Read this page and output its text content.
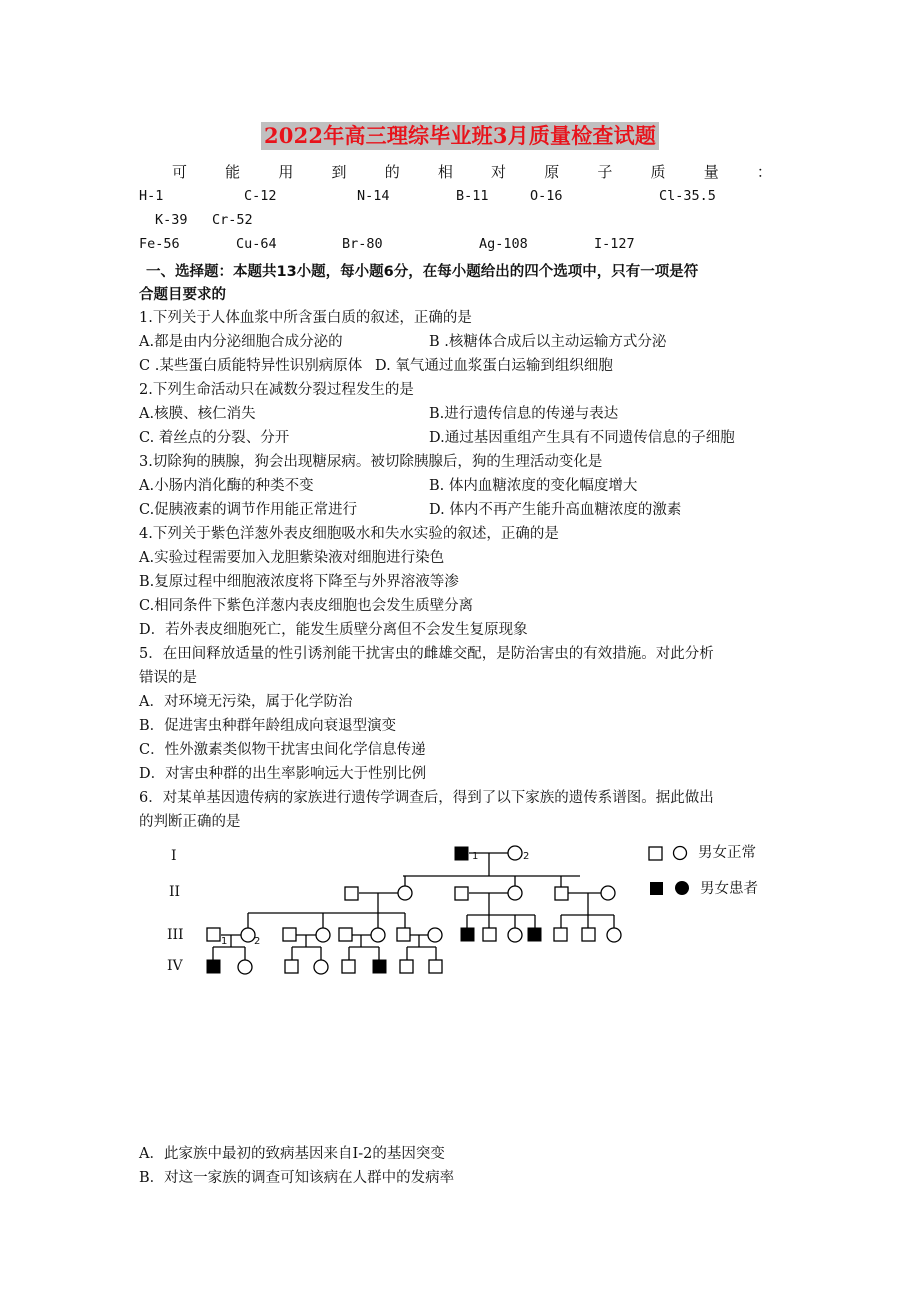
2022年高三理综毕业班3月质量检查试题
可	能	用	到	的	相	对	原	子	质	量	：
H-1	C-12	N-14	B-11	O-16	Cl-35.5
K-39 Cr-52
Fe-56	Cu-64	Br-80	Ag-108	I-127
一、选择题：本题共13小题，每小题6分，在每小题给出的四个选项中，只有一项是符
合题目要求的
1.下列关于人体血浆中所含蛋白质的叙述，正确的是
A.都是由内分泌细胞合成分泌的	B .核糖体合成后以主动运输方式分泌
C .某些蛋白质能特异性识别病原体 D. 氧气通过血浆蛋白运输到组织细胞
2.下列生命活动只在减数分裂过程发生的是
A.核膜、核仁消失	B.进行遗传信息的传递与表达
C. 着丝点的分裂、分开	D.通过基因重组产生具有不同遗传信息的子细胞
3.切除狗的胰腺，狗会出现糖尿病。被切除胰腺后，狗的生理活动变化是
A.小肠内消化酶的种类不变	B. 体内血糖浓度的变化幅度增大
C.促胰液素的调节作用能正常进行	D. 体内不再产生能升高血糖浓度的激素
4.下列关于紫色洋葱外表皮细胞吸水和失水实验的叙述，正确的是
A.实验过程需要加入龙胆紫染液对细胞进行染色
B.复原过程中细胞液浓度将下降至与外界溶液等渗
C.相同条件下紫色洋葱内表皮细胞也会发生质壁分离
D．若外表皮细胞死亡，能发生质壁分离但不会发生复原现象
5．在田间释放适量的性引诱剂能干扰害虫的雌雄交配，是防治害虫的有效措施。对此分析
错误的是
A．对环境无污染，属于化学防治
B．促进害虫种群年龄组成向衰退型演变
C．性外激素类似物干扰害虫间化学信息传递
D．对害虫种群的出生率影响远大于性别比例
6．对某单基因遗传病的家族进行遗传学调查后，得到了以下家族的遗传系谱图。据此做出
的判断正确的是
I
II
III
IV
1	2
1	2
男女正常
男女患者
A．此家族中最初的致病基因来自I-2的基因突变
B．对这一家族的调查可知该病在人群中的发病率
